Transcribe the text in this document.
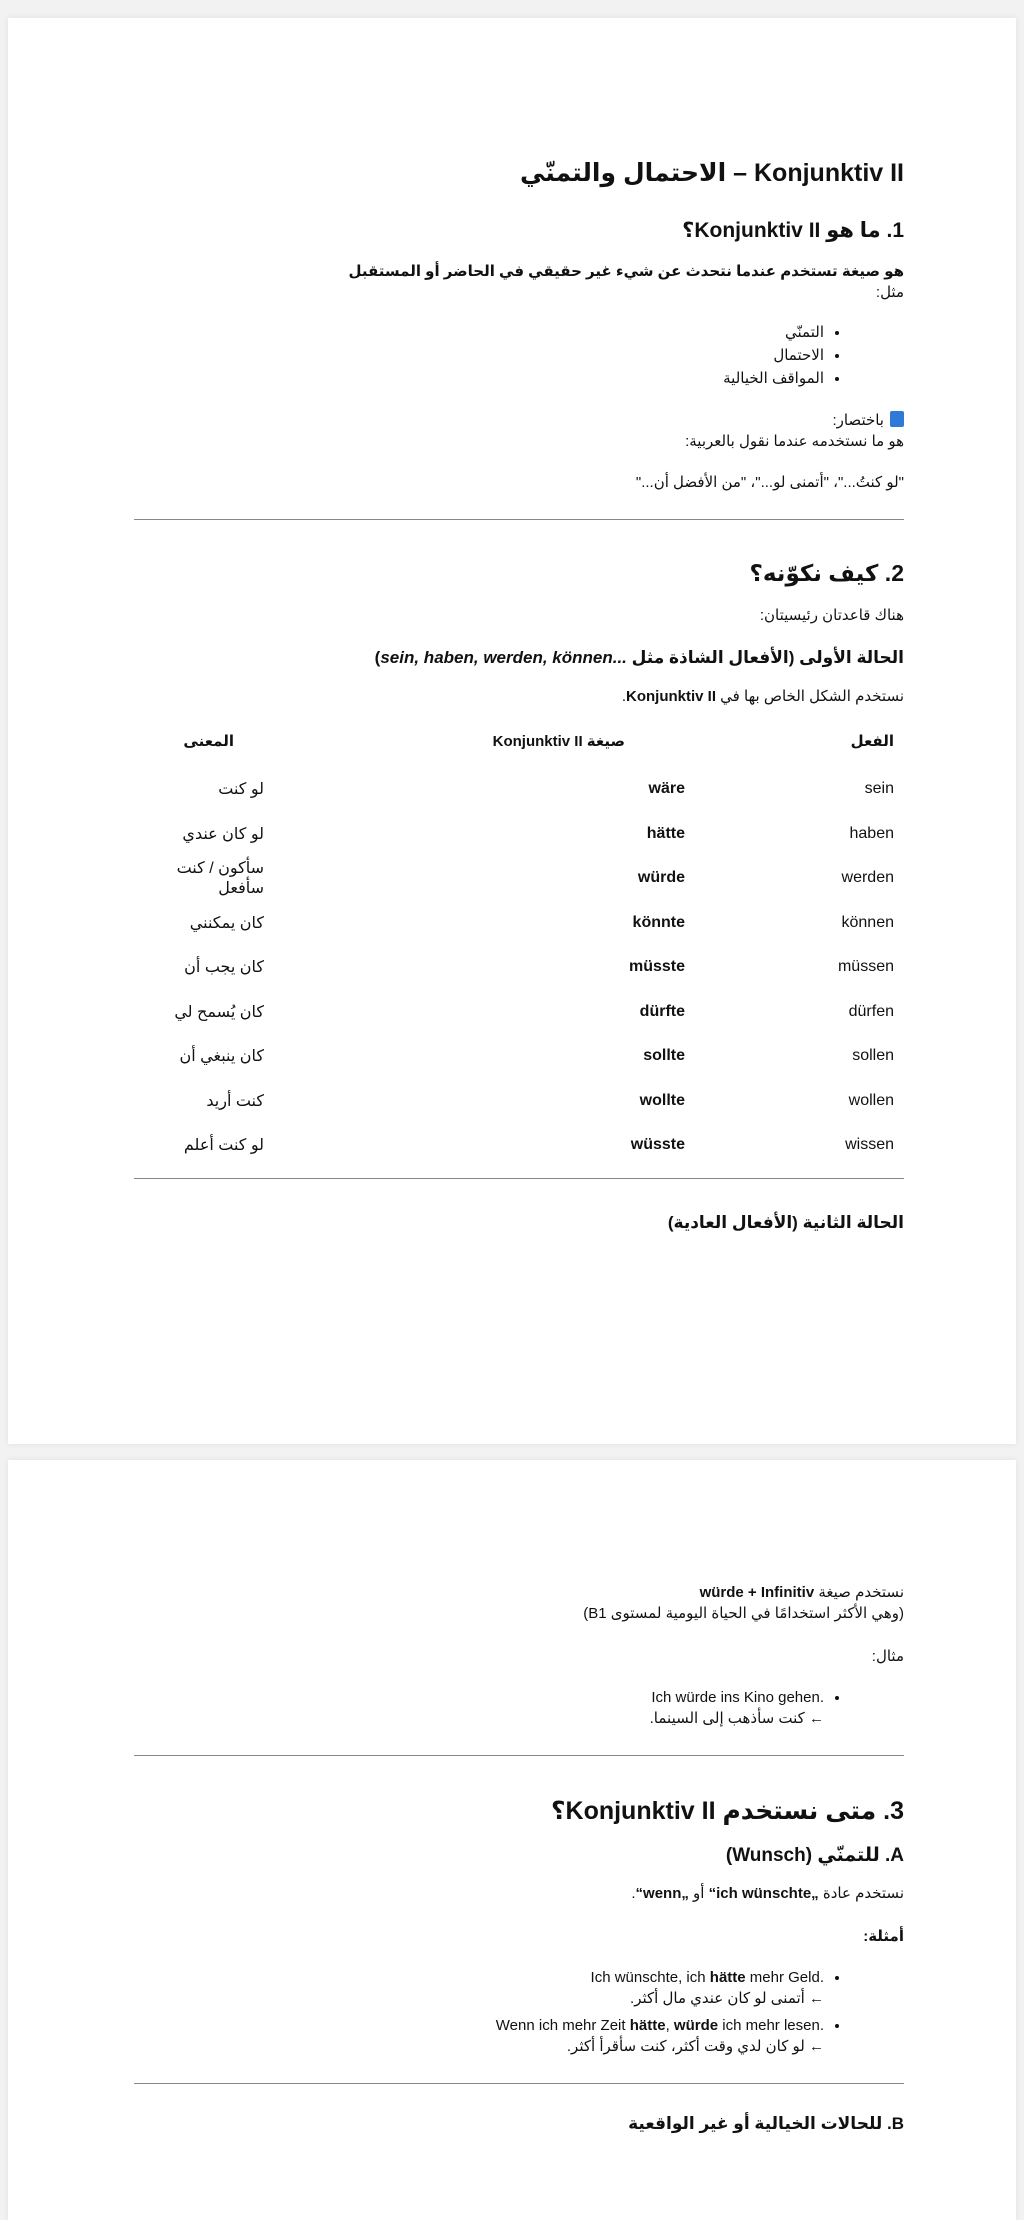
Konjunktiv II – الاحتمال والتمنّي
1. ما هو Konjunktiv II؟

هو صيغة تستخدم عندما نتحدث عن شيء غير حقيقي في الحاضر أو المستقبل

مثل:

• التمنّي
• الاحتمال
• المواقف الخيالية

باختصار:

هو ما نستخدمه عندما نقول بالعربية:

"لو كنتُ..."، "أتمنى لو..."، "من الأفضل أن..."

2. كيف نكوّنه؟

هناك قاعدتان رئيسيتان:

الحالة الأولى (الأفعال الشاذة مثل sein, haben, werden, können...)

نستخدم الشكل الخاص بها في Konjunktiv II.

الفعل	صيغة Konjunktiv II	المعنى
sein	wäre	لو كنت
haben	hätte	لو كان عندي
werden	würde	سأكون / كنت سأفعل
können	könnte	كان يمكنني
müssen	müsste	كان يجب أن
dürfen	dürfte	كان يُسمح لي
sollen	sollte	كان ينبغي أن
wollen	wollte	كنت أريد
wissen	wüsste	لو كنت أعلم
الحالة الثانية (الأفعال العادية)

نستخدم صيغة würde + Infinitiv

(وهي الأكثر استخدامًا في الحياة اليومية لمستوى B1)

مثال:

• Ich würde ins Kino gehen.
← كنت سأذهب إلى السينما.
3. متى نستخدم Konjunktiv II؟
A. للتمنّي (Wunsch)

نستخدم عادة „ich wünschte“ أو „wenn“.

أمثلة:

• Ich wünschte, ich hätte mehr Geld.
← أتمنى لو كان عندي مال أكثر.
• Wenn ich mehr Zeit hätte, würde ich mehr lesen.
← لو كان لدي وقت أكثر، كنت سأقرأ أكثر.
B. للحالات الخيالية أو غير الواقعية
